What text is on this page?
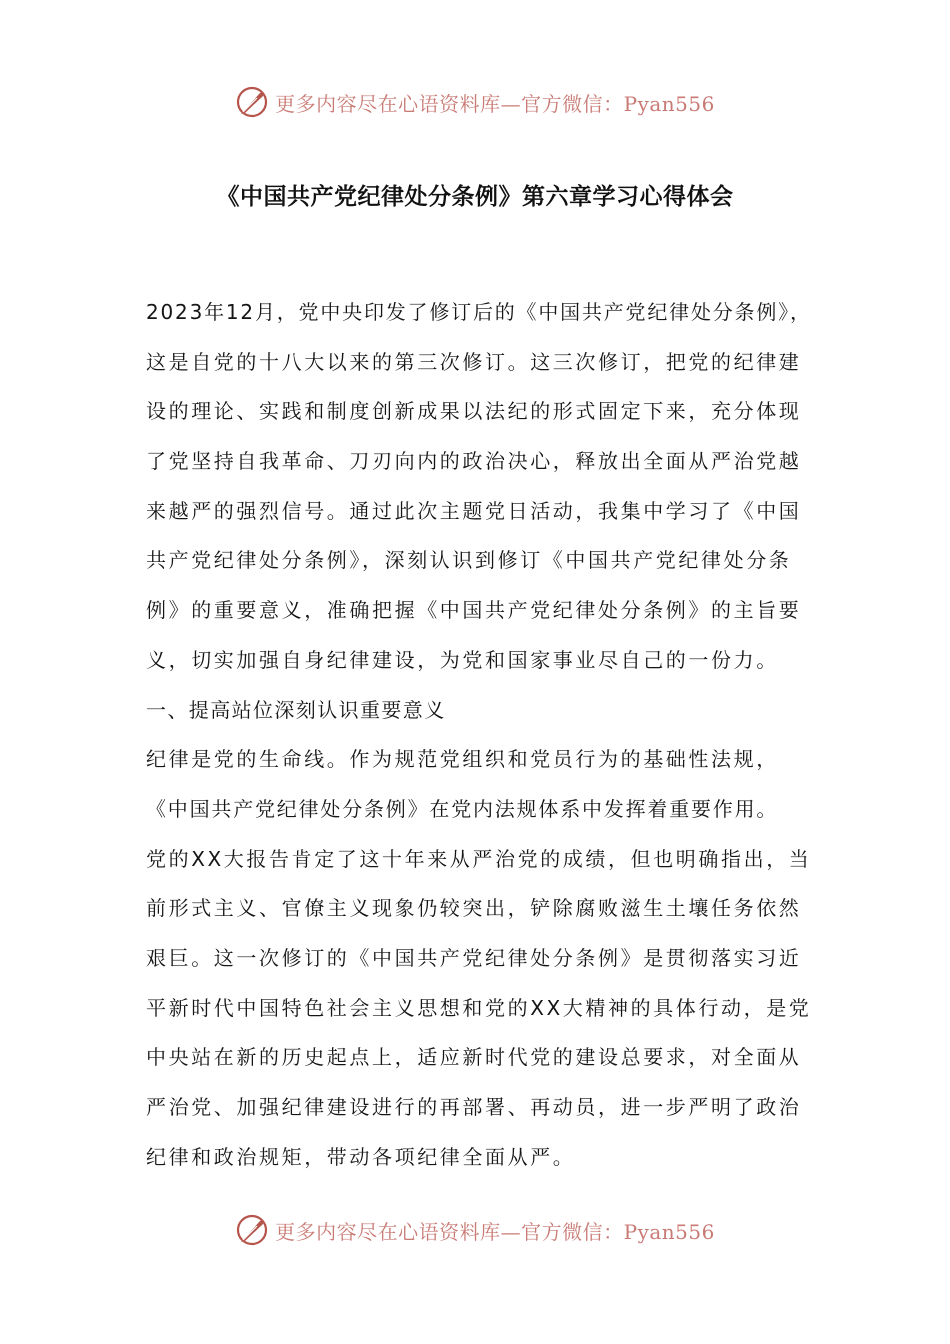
更多内容尽在心语资料库—官方微信：Pyan556
《中国共产党纪律处分条例》第六章学习心得体会
2023年12月，党中央印发了修订后的《中国共产党纪律处分条例》，
这是自党的十八大以来的第三次修订。这三次修订，把党的纪律建
设的理论、实践和制度创新成果以法纪的形式固定下来，充分体现
了党坚持自我革命、刀刃向内的政治决心，释放出全面从严治党越
来越严的强烈信号。通过此次主题党日活动，我集中学习了《中国
共产党纪律处分条例》，深刻认识到修订《中国共产党纪律处分条
例》的重要意义，准确把握《中国共产党纪律处分条例》的主旨要
义，切实加强自身纪律建设，为党和国家事业尽自己的一份力。
一、提高站位深刻认识重要意义
纪律是党的生命线。作为规范党组织和党员行为的基础性法规，
《中国共产党纪律处分条例》在党内法规体系中发挥着重要作用。
党的XX大报告肯定了这十年来从严治党的成绩，但也明确指出，当
前形式主义、官僚主义现象仍较突出，铲除腐败滋生土壤任务依然
艰巨。这一次修订的《中国共产党纪律处分条例》是贯彻落实习近
平新时代中国特色社会主义思想和党的XX大精神的具体行动，是党
中央站在新的历史起点上，适应新时代党的建设总要求，对全面从
严治党、加强纪律建设进行的再部署、再动员，进一步严明了政治
纪律和政治规矩，带动各项纪律全面从严。
更多内容尽在心语资料库—官方微信：Pyan556
